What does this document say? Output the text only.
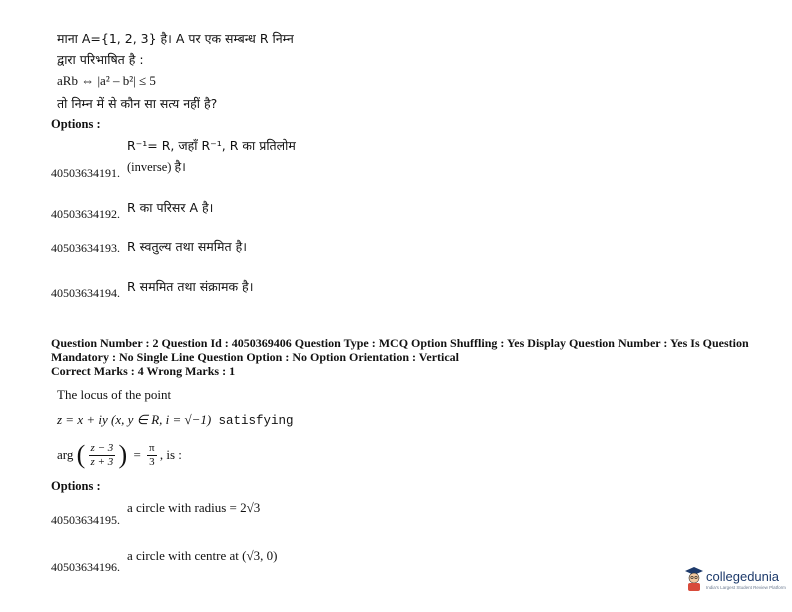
माना A={1, 2, 3} है। A पर एक सम्बन्ध R निम्न
द्वारा परिभाषित है :
aRb ⇔ |a² – b²| ≤ 5
तो निम्न में से कौन सा सत्य नहीं है?
Options :
R⁻¹= R, जहाँ R⁻¹, R का प्रतिलोम
(inverse) है।
40503634191.
R का परिसर A है।
40503634192.
R स्वतुल्य तथा सममित है।
40503634193.
R सममित तथा संक्रामक है।
40503634194.
Question Number : 2 Question Id : 4050369406 Question Type : MCQ Option Shuffling : Yes Display Question Number : Yes Is Question
Mandatory : No Single Line Question Option : No Option Orientation : Vertical
Correct Marks : 4 Wrong Marks : 1
The locus of the point
z = x + iy (x, y ∈ R, i = √−1) satisfying
arg ( $\frac{z - 3}{z + 3}$ ) = $\frac{\pi}{3}$ , is :
Options :
a circle with radius = 2√3
40503634195.
a circle with centre at (√3, 0)
40503634196.
collegedunia
India's Largest Student Review Platform
